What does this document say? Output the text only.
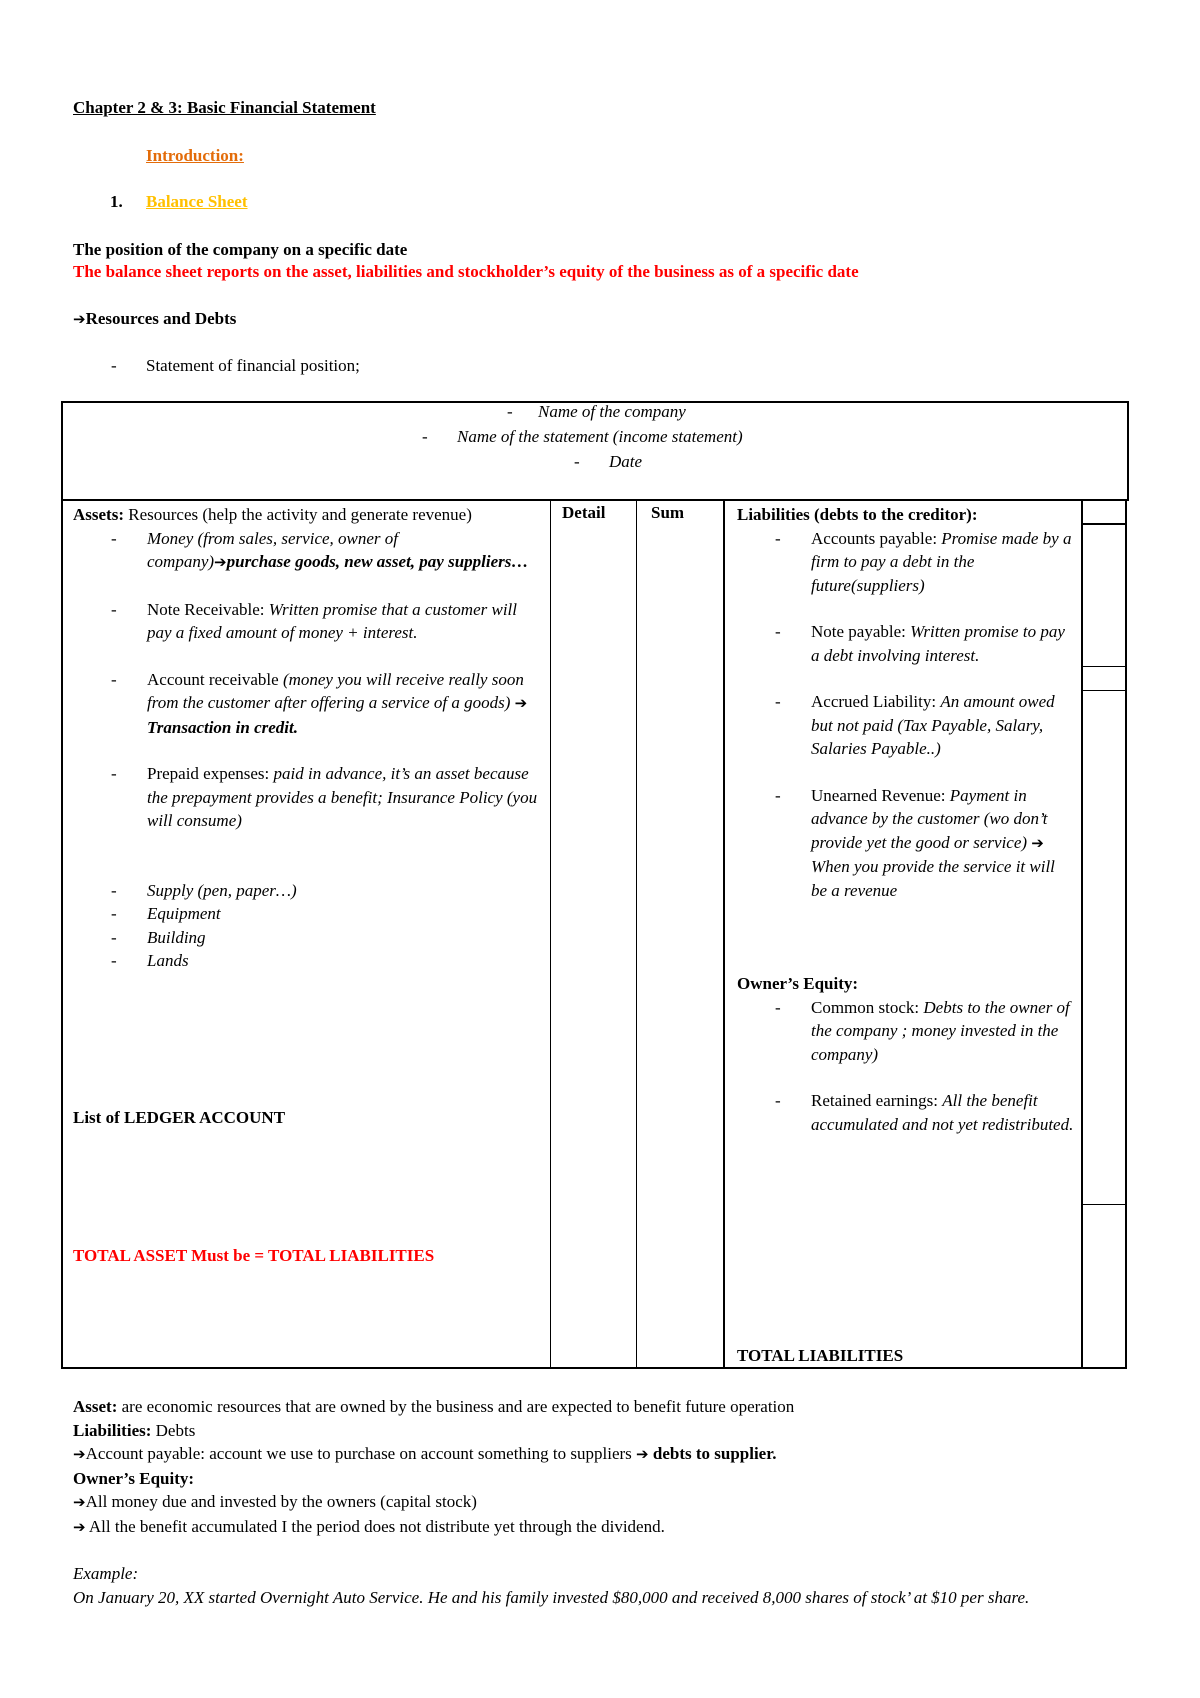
Chapter 2 & 3: Basic Financial Statement
Introduction:
1. Balance Sheet
The position of the company on a specific date
The balance sheet reports on the asset, liabilities and stockholder’s equity of the business as of a specific date
➔Resources and Debts
- Statement of financial position;
- Name of the company
- Name of the statement (income statement)
- Date
Detail	Sum
Assets: Resources (help the activity and generate revenue)
- Money (from sales, service, owner of company)➔purchase goods, new asset, pay suppliers…
- Note Receivable: Written promise that a customer will pay a fixed amount of money + interest.
- Account receivable (money you will receive really soon from the customer after offering a service of a goods) ➔ Transaction in credit.
- Prepaid expenses: paid in advance, it’s an asset because the prepayment provides a benefit; Insurance Policy (you will consume)
- Supply (pen, paper…)
- Equipment
- Building
- Lands
List of LEDGER ACCOUNT
TOTAL ASSET Must be = TOTAL LIABILITIES
Liabilities (debts to the creditor):
- Accounts payable: Promise made by a firm to pay a debt in the future(suppliers)
- Note payable: Written promise to pay a debt involving interest.
- Accrued Liability: An amount owed but not paid (Tax Payable, Salary, Salaries Payable..)
- Unearned Revenue: Payment in advance by the customer (wo don’t provide yet the good or service) ➔ When you provide the service it will be a revenue
Owner’s Equity:
- Common stock: Debts to the owner of the company ; money invested in the company)
- Retained earnings: All the benefit accumulated and not yet redistributed.
TOTAL LIABILITIES
Asset: are economic resources that are owned by the business and are expected to benefit future operation
Liabilities: Debts
➔Account payable: account we use to purchase on account something to suppliers ➔ debts to supplier.
Owner’s Equity:
➔All money due and invested by the owners (capital stock)
➔ All the benefit accumulated I the period does not distribute yet through the dividend.
Example:
On January 20, XX started Overnight Auto Service. He and his family invested $80,000 and received 8,000 shares of stock’ at $10 per share.
